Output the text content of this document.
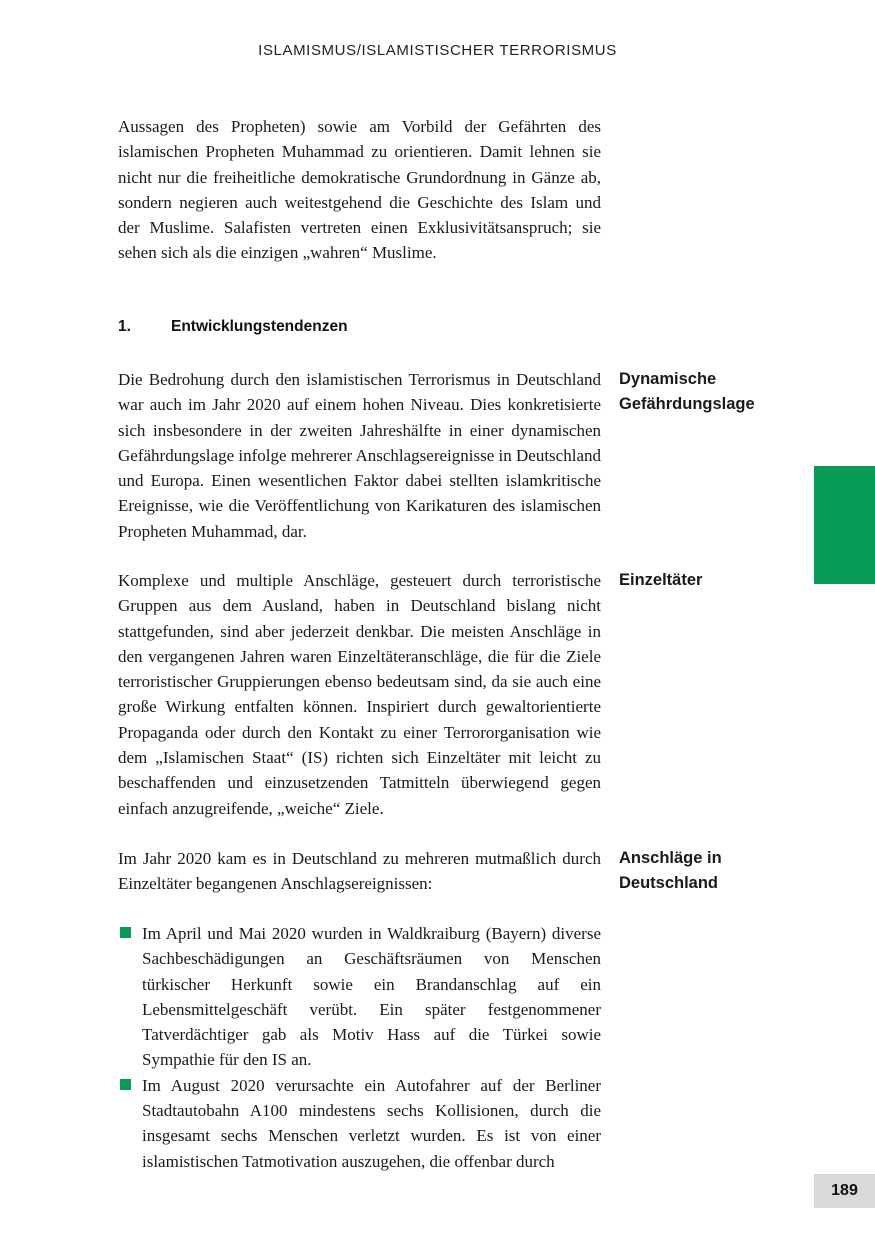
ISLAMISMUS/ISLAMISTISCHER TERRORISMUS

Aussagen des Propheten) sowie am Vorbild der Gefährten des islamischen Propheten Muhammad zu orientieren. Damit lehnen sie nicht nur die freiheitliche demokratische Grundordnung in Gänze ab, sondern negieren auch weitestgehend die Geschichte des Islam und der Muslime. Salafisten vertreten einen Exklusivitätsanspruch; sie sehen sich als die einzigen „wahren“ Muslime.

1.	Entwicklungstendenzen

Die Bedrohung durch den islamistischen Terrorismus in Deutschland war auch im Jahr 2020 auf einem hohen Niveau. Dies konkretisierte sich insbesondere in der zweiten Jahreshälfte in einer dynamischen Gefährdungslage infolge mehrerer Anschlagsereignisse in Deutschland und Europa. Einen wesentlichen Faktor dabei stellten islamkritische Ereignisse, wie die Veröffentlichung von Karikaturen des islamischen Propheten Muhammad, dar.

Dynamische Gefährdungslage

Komplexe und multiple Anschläge, gesteuert durch terroristische Gruppen aus dem Ausland, haben in Deutschland bislang nicht stattgefunden, sind aber jederzeit denkbar. Die meisten Anschläge in den vergangenen Jahren waren Einzeltäteranschläge, die für die Ziele terroristischer Gruppierungen ebenso bedeutsam sind, da sie auch eine große Wirkung entfalten können. Inspiriert durch gewaltorientierte Propaganda oder durch den Kontakt zu einer Terrororganisation wie dem „Islamischen Staat“ (IS) richten sich Einzeltäter mit leicht zu beschaffenden und einzusetzenden Tatmitteln überwiegend gegen einfach anzugreifende, „weiche“ Ziele.

Einzeltäter

Im Jahr 2020 kam es in Deutschland zu mehreren mutmaßlich durch Einzeltäter begangenen Anschlagsereignissen:

Anschläge in Deutschland
Im April und Mai 2020 wurden in Waldkraiburg (Bayern) diverse Sachbeschädigungen an Geschäftsräumen von Menschen türkischer Herkunft sowie ein Brandanschlag auf ein Lebensmittelgeschäft verübt. Ein später festgenommener Tatverdächtiger gab als Motiv Hass auf die Türkei sowie Sympathie für den IS an.
Im August 2020 verursachte ein Autofahrer auf der Berliner Stadtautobahn A100 mindestens sechs Kollisionen, durch die insgesamt sechs Menschen verletzt wurden. Es ist von einer islamistischen Tatmotivation auszugehen, die offenbar durch
189
